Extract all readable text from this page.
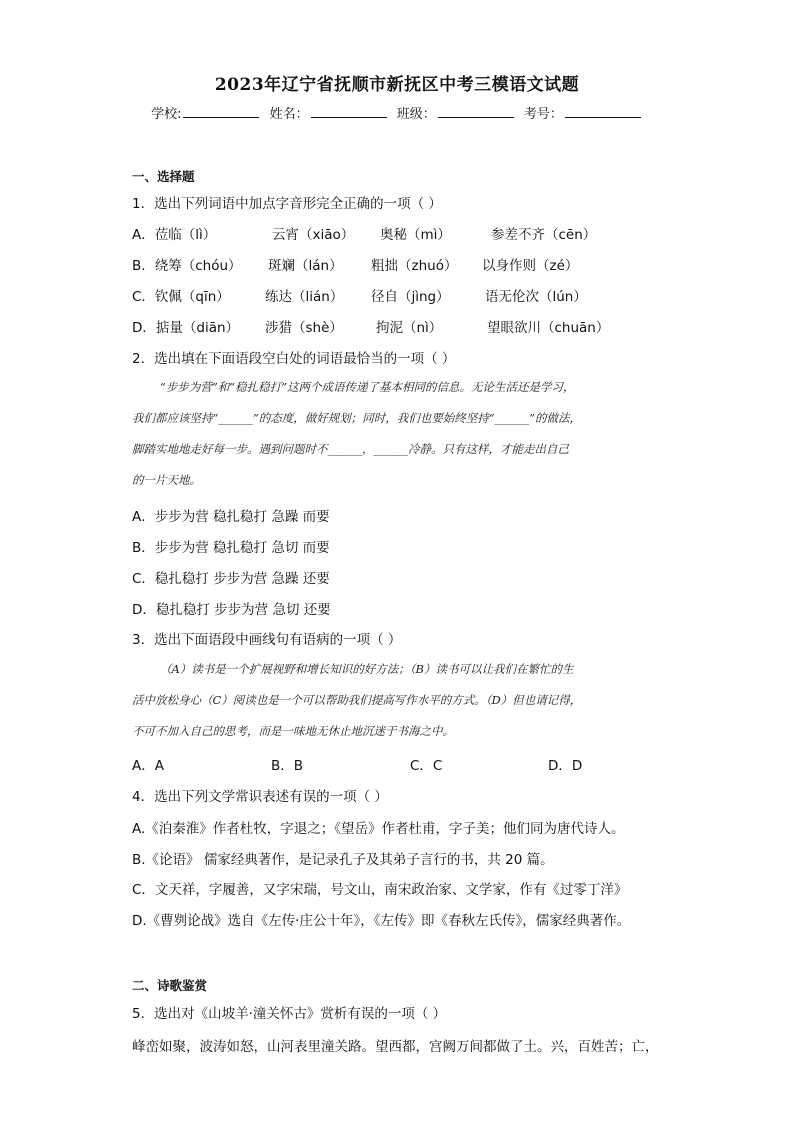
2023年辽宁省抚顺市新抚区中考三模语文试题
学校:	姓名：	班级：	考号：
一、选择题
1．选出下列词语中加点字音形完全正确的一项（ ）
A．莅临（lì）	云宵（xiāo） 奥秘（mì）	参差不齐（cēn）
B．绕筹（chóu） 斑斓（lán） 粗拙（zhuó） 以身作则（zé）
C．钦佩（qīn）	练达（lián） 径自（jìng）	语无伦次（lún）
D．掂量（diān） 涉猎（shè） 拘泥（nì）	望眼欲川（chuān）
2．选出填在下面语段空白处的词语最恰当的一项（ ）
“步步为营”和“稳扎稳打”这两个成语传递了基本相同的信息。无论生活还是学习，
我们都应该坚持“______”的态度，做好规划；同时，我们也要始终坚持“______”的做法，
脚踏实地地走好每一步。遇到问题时不______，______冷静。只有这样，才能走出自己
的一片天地。
A．步步为营 稳扎稳打 急躁 而要
B．步步为营 稳扎稳打 急切 而要
C．稳扎稳打 步步为营 急躁 还要
D．稳扎稳打 步步为营 急切 还要
3．选出下面语段中画线句有语病的一项（ ）
（A）读书是一个扩展视野和增长知识的好方法；（B）读书可以让我们在繁忙的生
活中放松身心（C）阅读也是一个可以帮助我们提高写作水平的方式。（D）但也请记得，
不可不加入自己的思考，而是一味地无休止地沉迷于书海之中。
A．A	B．B	C．C	D．D
4．选出下列文学常识表述有误的一项（ ）
A.《泊秦淮》作者杜牧，字退之；《望岳》作者杜甫，字子美；他们同为唐代诗人。
B.《论语》 儒家经典著作，是记录孔子及其弟子言行的书，共 20 篇。
C．文天祥，字履善，又字宋瑞，号文山，南宋政治家、文学家，作有《过零丁洋》
D.《曹刿论战》选自《左传·庄公十年》，《左传》即《春秋左氏传》，儒家经典著作。
二、诗歌鉴赏
5．选出对《山坡羊·潼关怀古》赏析有误的一项（ ）
峰峦如聚，波涛如怒，山河表里潼关路。望西都，宫阙万间都做了土。兴，百姓苦；亡，
